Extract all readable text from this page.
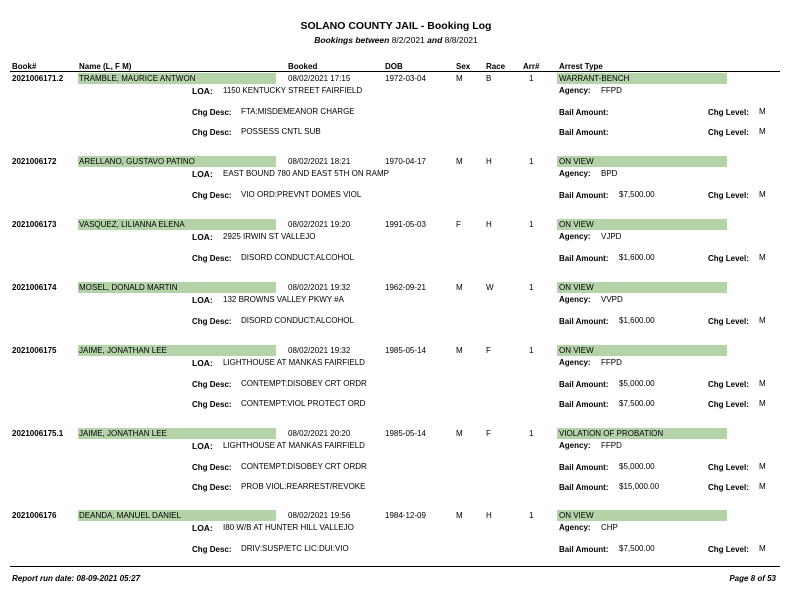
SOLANO COUNTY JAIL - Booking Log
Bookings between 8/2/2021 and 8/8/2021
Book#	Name (L, F M)	Booked	DOB	Sex Race Arr# Arrest Type
2021006171.2 TRAMBLE, MAURICE ANTWON	08/02/2021 17:15	1972-03-04	M	B	1	WARRANT-BENCH
LOA: 1150 KENTUCKY STREET FAIRFIELD	Agency: FFPD
Chg Desc: FTA:MISDEMEANOR CHARGE	Bail Amount:	Chg Level: M
Chg Desc: POSSESS CNTL SUB	Bail Amount:	Chg Level: M
2021006172	ARELLANO, GUSTAVO PATINO	08/02/2021 18:21	1970-04-17	M	H	1	ON VIEW
LOA: EAST BOUND 780 AND EAST 5TH ON RAMP	Agency: BPD
Chg Desc: VIO ORD:PREVNT DOMES VIOL	Bail Amount: $7,500.00	Chg Level: M
2021006173	VASQUEZ, LILIANNA ELENA	08/02/2021 19:20	1991-05-03	F	H	1	ON VIEW
LOA: 2925 IRWIN ST VALLEJO	Agency: VJPD
Chg Desc: DISORD CONDUCT:ALCOHOL	Bail Amount: $1,600.00	Chg Level: M
2021006174	MOSEL, DONALD MARTIN	08/02/2021 19:32	1962-09-21	M	W	1	ON VIEW
LOA: 132 BROWNS VALLEY PKWY #A	Agency: VVPD
Chg Desc: DISORD CONDUCT:ALCOHOL	Bail Amount: $1,600.00	Chg Level: M
2021006175	JAIME, JONATHAN LEE	08/02/2021 19:32	1985-05-14	M	F	1	ON VIEW
LOA: LIGHTHOUSE AT MANKAS FAIRFIELD	Agency: FFPD
Chg Desc: CONTEMPT:DISOBEY CRT ORDR	Bail Amount: $5,000.00	Chg Level: M
Chg Desc: CONTEMPT:VIOL PROTECT ORD	Bail Amount: $7,500.00	Chg Level: M
2021006175.1 JAIME, JONATHAN LEE	08/02/2021 20:20	1985-05-14	M	F	1	VIOLATION OF PROBATION
LOA: LIGHTHOUSE AT MANKAS FAIRFIELD	Agency: FFPD
Chg Desc: CONTEMPT:DISOBEY CRT ORDR	Bail Amount: $5,000.00	Chg Level: M
Chg Desc: PROB VIOL:REARREST/REVOKE	Bail Amount: $15,000.00	Chg Level: M
2021006176	DEANDA, MANUEL DANIEL	08/02/2021 19:56	1984-12-09	M	H	1	ON VIEW
LOA: I80 W/B AT HUNTER HILL VALLEJO	Agency: CHP
Chg Desc: DRIV:SUSP/ETC LIC:DUI:VIO	Bail Amount: $7,500.00	Chg Level: M
Report run date: 08-09-2021 05:27	Page 8 of 53
